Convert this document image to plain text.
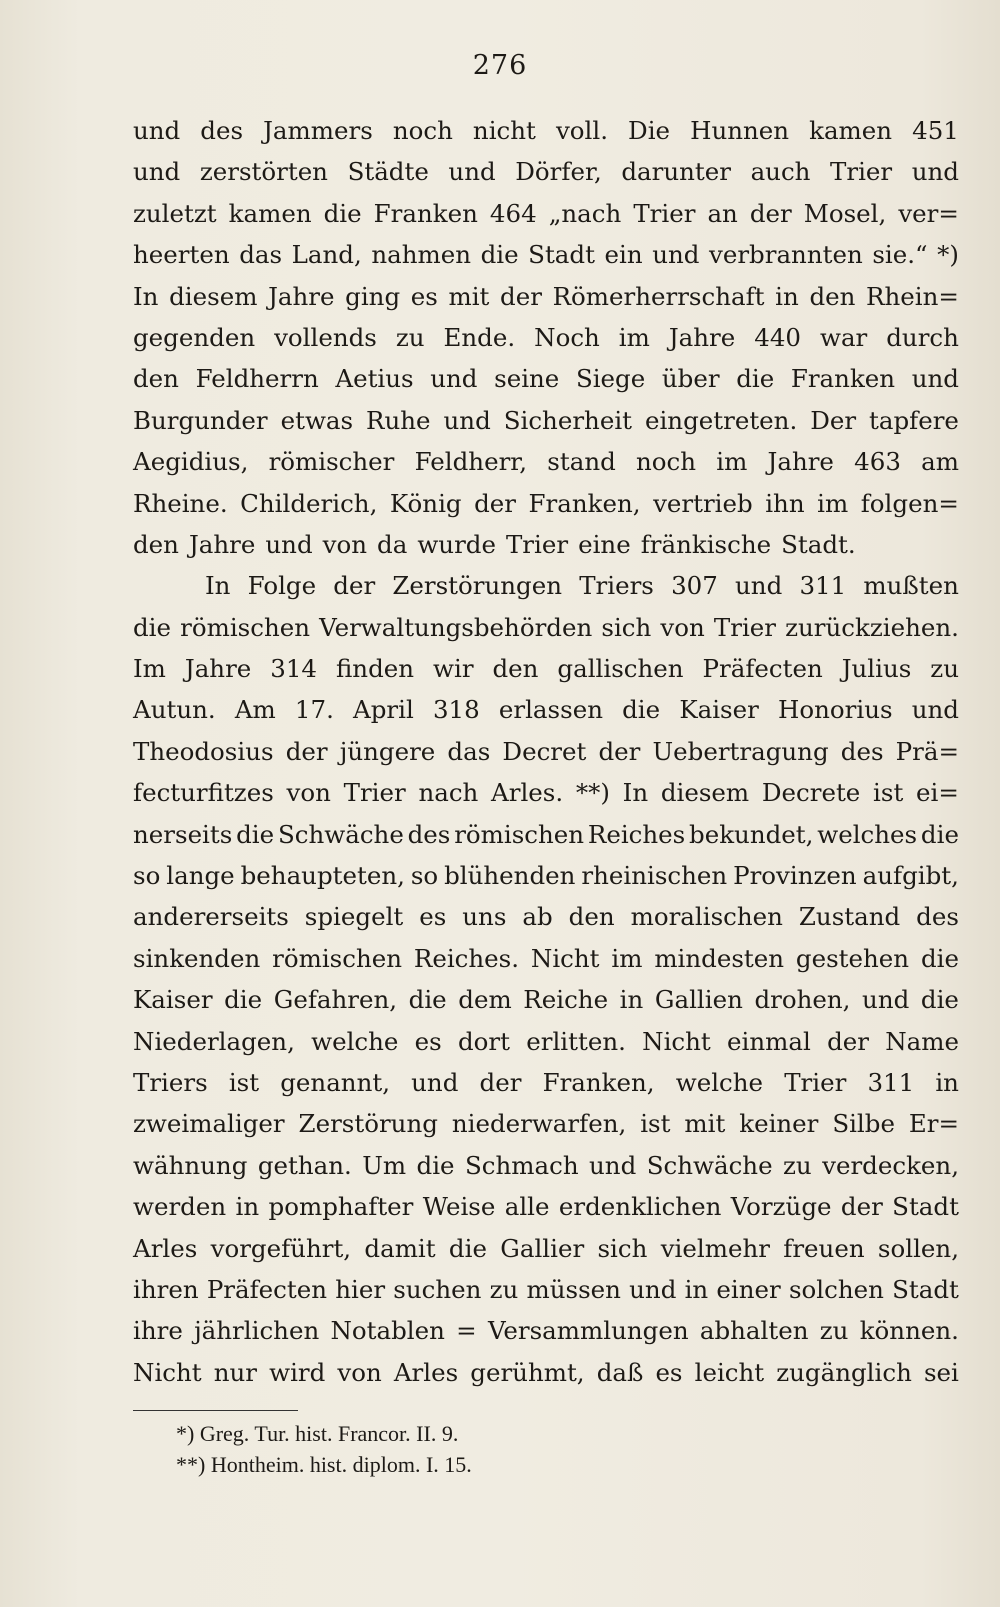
276
und des Jammers noch nicht voll. Die Hunnen kamen 451
und zerstörten Städte und Dörfer, darunter auch Trier und
zuletzt kamen die Franken 464 „nach Trier an der Mosel, ver=
heerten das Land, nahmen die Stadt ein und verbrannten sie.“ *)
In diesem Jahre ging es mit der Römerherrschaft in den Rhein=
gegenden vollends zu Ende. Noch im Jahre 440 war durch
den Feldherrn Aetius und seine Siege über die Franken und
Burgunder etwas Ruhe und Sicherheit eingetreten. Der tapfere
Aegidius, römischer Feldherr, stand noch im Jahre 463 am
Rheine. Childerich, König der Franken, vertrieb ihn im folgen=
den Jahre und von da wurde Trier eine fränkische Stadt.
In Folge der Zerstörungen Triers 307 und 311 mußten
die römischen Verwaltungsbehörden sich von Trier zurückziehen.
Im Jahre 314 finden wir den gallischen Präfecten Julius zu
Autun. Am 17. April 318 erlassen die Kaiser Honorius und
Theodosius der jüngere das Decret der Uebertragung des Prä=
fecturfitzes von Trier nach Arles. **) In diesem Decrete ist ei=
nerseits die Schwäche des römischen Reiches bekundet, welches die
so lange behaupteten, so blühenden rheinischen Provinzen aufgibt,
andererseits spiegelt es uns ab den moralischen Zustand des
sinkenden römischen Reiches. Nicht im mindesten gestehen die
Kaiser die Gefahren, die dem Reiche in Gallien drohen, und die
Niederlagen, welche es dort erlitten. Nicht einmal der Name
Triers ist genannt, und der Franken, welche Trier 311 in
zweimaliger Zerstörung niederwarfen, ist mit keiner Silbe Er=
wähnung gethan. Um die Schmach und Schwäche zu verdecken,
werden in pomphafter Weise alle erdenklichen Vorzüge der Stadt
Arles vorgeführt, damit die Gallier sich vielmehr freuen sollen,
ihren Präfecten hier suchen zu müssen und in einer solchen Stadt
ihre jährlichen Notablen = Versammlungen abhalten zu können.
Nicht nur wird von Arles gerühmt, daß es leicht zugänglich sei
*) Greg. Tur. hist. Francor. II. 9.
**) Hontheim. hist. diplom. I. 15.
